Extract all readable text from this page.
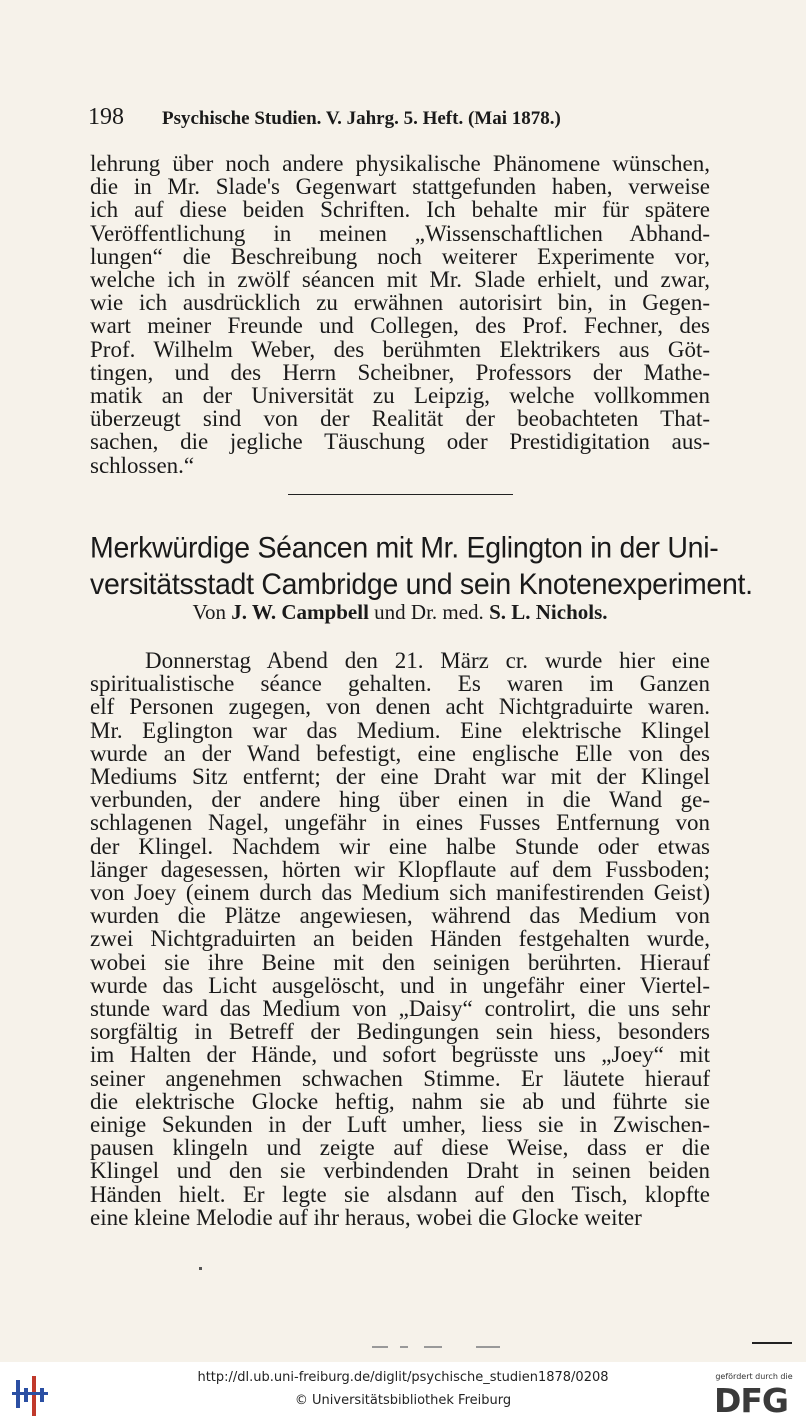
198 Psychische Studien. V. Jahrg. 5. Heft. (Mai 1878.)
lehrung über noch andere physikalische Phänomene wünschen,
die in Mr. Slade's Gegenwart stattgefunden haben, verweise
ich auf diese beiden Schriften. Ich behalte mir für spätere
Veröffentlichung in meinen „Wissenschaftlichen Abhand-
lungen“ die Beschreibung noch weiterer Experimente vor,
welche ich in zwölf séancen mit Mr. Slade erhielt, und zwar,
wie ich ausdrücklich zu erwähnen autorisirt bin, in Gegen-
wart meiner Freunde und Collegen, des Prof. Fechner, des
Prof. Wilhelm Weber, des berühmten Elektrikers aus Göt-
tingen, und des Herrn Scheibner, Professors der Mathe-
matik an der Universität zu Leipzig, welche vollkommen
überzeugt sind von der Realität der beobachteten That-
sachen, die jegliche Täuschung oder Prestidigitation aus-
schlossen.“
Merkwürdige Séancen mit Mr. Eglington in der Uni-
versitätsstadt Cambridge und sein Knotenexperiment.
Von J. W. Campbell und Dr. med. S. L. Nichols.
Donnerstag Abend den 21. März cr. wurde hier eine
spiritualistische séance gehalten. Es waren im Ganzen
elf Personen zugegen, von denen acht Nichtgraduirte waren.
Mr. Eglington war das Medium. Eine elektrische Klingel
wurde an der Wand befestigt, eine englische Elle von des
Mediums Sitz entfernt; der eine Draht war mit der Klingel
verbunden, der andere hing über einen in die Wand ge-
schlagenen Nagel, ungefähr in eines Fusses Entfernung von
der Klingel. Nachdem wir eine halbe Stunde oder etwas
länger dagesessen, hörten wir Klopflaute auf dem Fussboden;
von Joey (einem durch das Medium sich manifestirenden Geist)
wurden die Plätze angewiesen, während das Medium von
zwei Nichtgraduirten an beiden Händen festgehalten wurde,
wobei sie ihre Beine mit den seinigen berührten. Hierauf
wurde das Licht ausgelöscht, und in ungefähr einer Viertel-
stunde ward das Medium von „Daisy“ controlirt, die uns sehr
sorgfältig in Betreff der Bedingungen sein hiess, besonders
im Halten der Hände, und sofort begrüsste uns „Joey“ mit
seiner angenehmen schwachen Stimme. Er läutete hierauf
die elektrische Glocke heftig, nahm sie ab und führte sie
einige Sekunden in der Luft umher, liess sie in Zwischen-
pausen klingeln und zeigte auf diese Weise, dass er die
Klingel und den sie verbindenden Draht in seinen beiden
Händen hielt. Er legte sie alsdann auf den Tisch, klopfte
eine kleine Melodie auf ihr heraus, wobei die Glocke weiter
http://dl.ub.uni-freiburg.de/diglit/psychische_studien1878/0208
© Universitätsbibliothek Freiburg
gefördert durch die
DFG
